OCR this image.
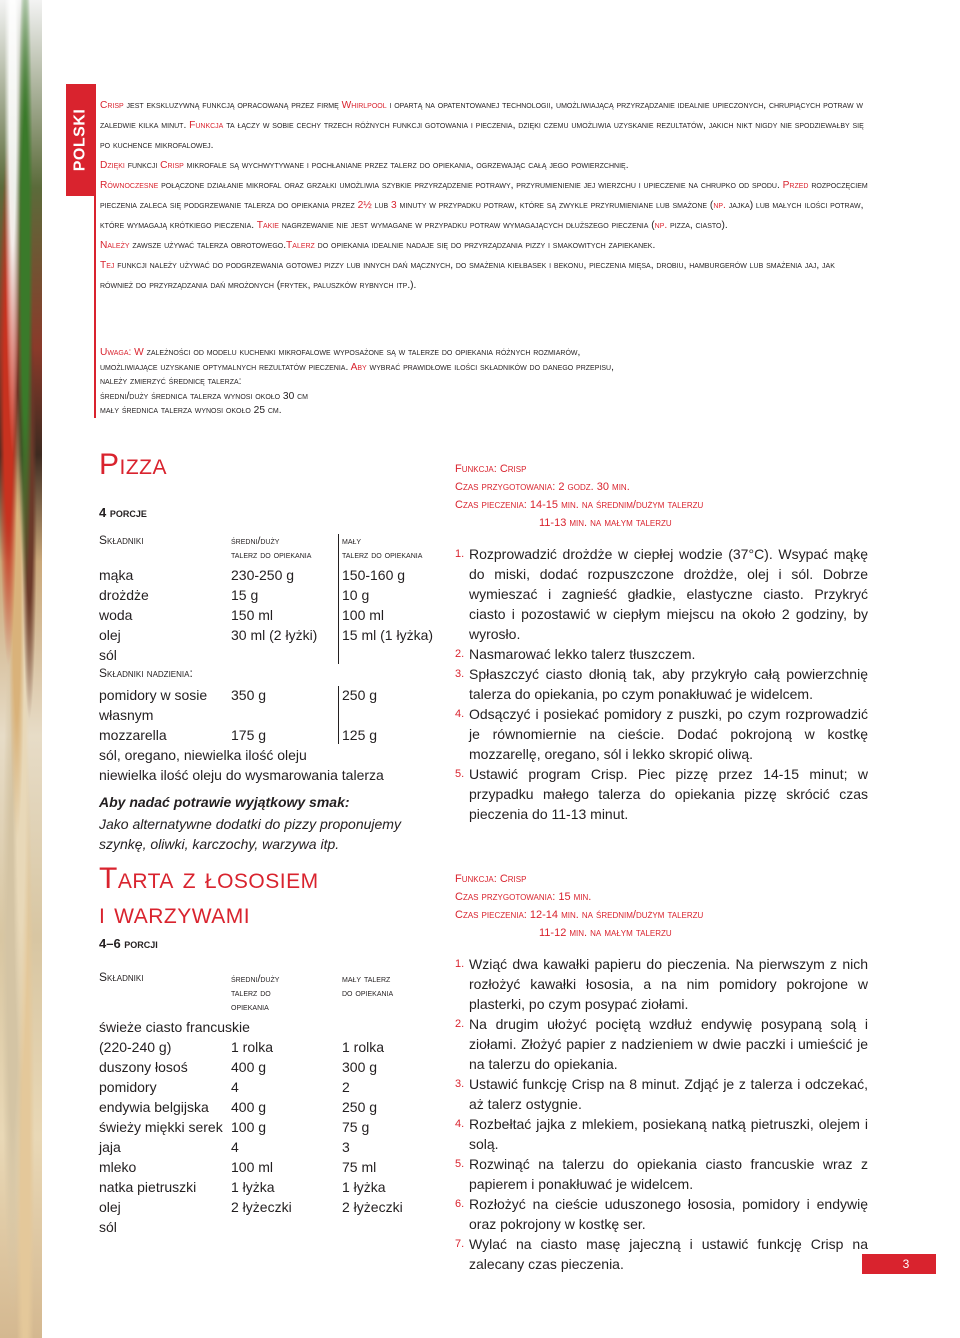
POLSKI

Crisp jest ekskluzywną funkcją opracowaną przez firmę Whirlpool i opartą na opatentowanej technologii, umożliwiającą przyrządzanie idealnie upieczonych, chrupiących potraw w zaledwie kilka minut. Funkcja ta łączy w sobie cechy trzech różnych funkcji gotowania i pieczenia, dzięki czemu umożliwia uzyskanie rezultatów, jakich nikt nigdy nie spodziewałby się po kuchence mikrofalowej.

Dzięki funkcji Crisp mikrofale są wychwytywane i pochłaniane przez talerz do opiekania, ogrzewając całą jego powierzchnię.

Równoczesne połączone działanie mikrofal oraz grzałki umożliwia szybkie przyrządzenie potrawy, przyrumienienie jej wierzchu i upieczenie na chrupko od spodu. Przed rozpoczęciem pieczenia zaleca się podgrzewanie talerza do opiekania przez 2½ lub 3 minuty w przypadku potraw, które są zwykle przyrumieniane lub smażone (np. jajka) lub małych ilości potraw, które wymagają krótkiego pieczenia. Takie nagrzewanie nie jest wymagane w przypadku potraw wymagających dłuższego pieczenia (np. pizza, ciasto).

Należy zawsze używać talerza obrotowego.Talerz do opiekania idealnie nadaje się do przyrządzania pizzy i smakowitych zapiekanek.

Tej funkcji należy używać do podgrzewania gotowej pizzy lub innych dań mącznych, do smażenia kiełbasek i bekonu, pieczenia mięsa, drobiu, hamburgerów lub smażenia jaj, jak również do przyrządzania dań mrożonych (frytek, paluszków rybnych itp.).

Uwaga: W zależności od modelu kuchenki mikrofalowe wyposażone są w talerze do opiekania różnych rozmiarów,
umożliwiające uzyskanie optymalnych rezultatów pieczenia. Aby wybrać prawidłowe ilości składników do danego przepisu,
należy zmierzyć średnicę talerza:
średni/duży średnica talerza wynosi około 30 cm
mały średnica talerza wynosi około 25 cm.
Pizza
4 porcje
Składniki	średni/duży
talerz do opiekania
mały
talerz do opiekania
mąka	230-250 g	150-160 g
drożdże	15 g	10 g
woda	150 ml	100 ml
olej	30 ml (2 łyżki) 15 ml (1 łyżka)
sól
Składniki nadzienia:
pomidory w sosie 350 g	250 g
własnym
mozzarella	175 g	125 g
sól, oregano, niewielka ilość oleju
niewielka ilość oleju do wysmarowania talerza
Aby nadać potrawie wyjątkowy smak:
Jako alternatywne dodatki do pizzy proponujemy
szynkę, oliwki, karczochy, warzywa itp.
Funkcja: Crisp
Czas przygotowania: 2 godz. 30 min.
Czas pieczenia: 14-15 min. na średnim/dużym talerzu
11-13 min. na małym talerzu
1. Rozprowadzić drożdże w ciepłej wodzie (37°C). Wsypać mąkę do miski, dodać rozpuszczone drożdże, olej i sól. Dobrze wymieszać i zagnieść gładkie, elastyczne ciasto. Przykryć ciasto i pozostawić w ciepłym miejscu na około 2 godziny, by wyrosło.
2. Nasmarować lekko talerz tłuszczem.
3. Spłaszczyć ciasto dłonią tak, aby przykryło całą powierzchnię talerza do opiekania, po czym ponakłuwać je widelcem.
4. Odsączyć i posiekać pomidory z puszki, po czym rozprowadzić je równomiernie na cieście. Dodać pokrojoną w kostkę mozzarellę, oregano, sól i lekko skropić oliwą.
5. Ustawić program Crisp. Piec pizzę przez 14-15 minut; w przypadku małego talerza do opiekania pizzę skrócić czas pieczenia do 11-13 minut.
Tarta z łososiem
i warzywami
4–6 porcji
Składniki	średni/duży
talerz do
opiekania
mały talerz
do opiekania
świeże ciasto francuskie
(220-240 g)	1 rolka	1 rolka
duszony łosoś	400 g	300 g
pomidory	4	2
endywia belgijska 400 g	250 g
świeży miękki serek 100 g	75 g
jaja	4	3
mleko	100 ml	75 ml
natka pietruszki 1 łyżka	1 łyżka
olej	2 łyżeczki	2 łyżeczki
sól
Funkcja: Crisp
Czas przygotowania: 15 min.
Czas pieczenia: 12-14 min. na średnim/dużym talerzu
11-12 min. na małym talerzu
1. Wziąć dwa kawałki papieru do pieczenia. Na pierwszym z nich rozłożyć kawałki łososia, a na nim pomidory pokrojone w plasterki, po czym posypać ziołami.
2. Na drugim ułożyć pociętą wzdłuż endywię posypaną solą i ziołami. Złożyć papier z nadzieniem w dwie paczki i umieścić je na talerzu do opiekania.
3. Ustawić funkcję Crisp na 8 minut. Zdjąć je z talerza i odczekać, aż talerz ostygnie.
4. Rozbełtać jajka z mlekiem, posiekaną natką pietruszki, olejem i solą.
5. Rozwinąć na talerzu do opiekania ciasto francuskie wraz z papierem i ponakłuwać je widelcem.
6. Rozłożyć na cieście uduszonego łososia, pomidory i endywię oraz pokrojony w kostkę ser.
7. Wylać na ciasto masę jajeczną i ustawić funkcję Crisp na zalecany czas pieczenia.	3
